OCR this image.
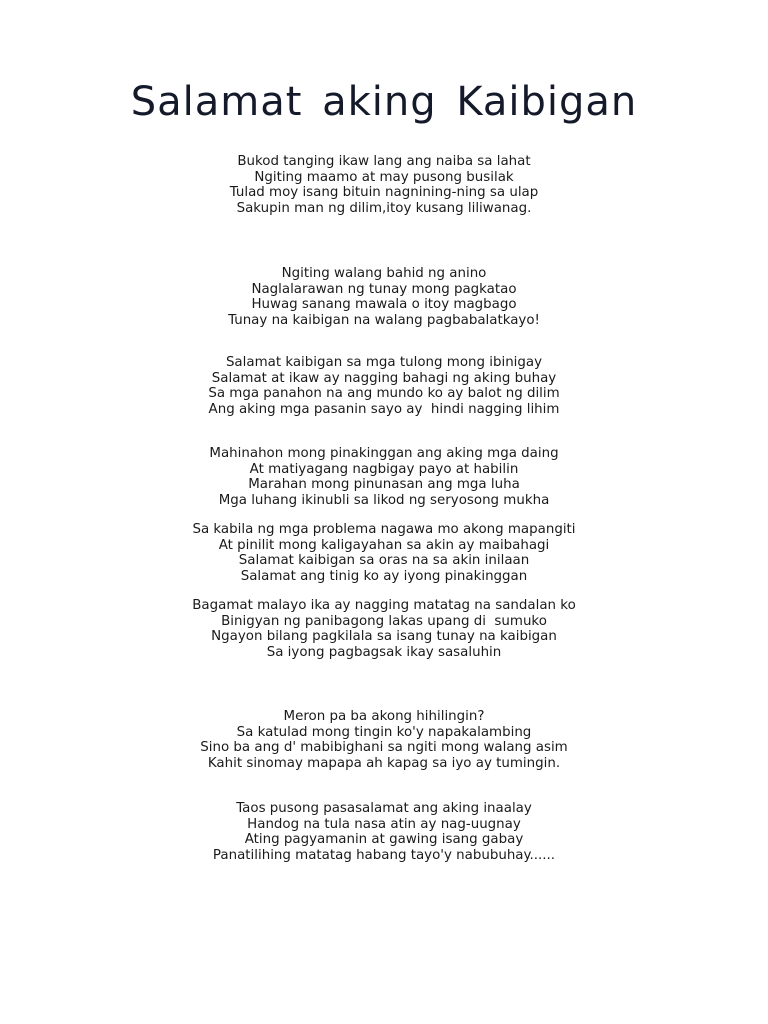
Salamat aking Kaibigan
Bukod tanging ikaw lang ang naiba sa lahat
Ngiting maamo at may pusong busilak
Tulad moy isang bituin nagnining-ning sa ulap
Sakupin man ng dilim,itoy kusang liliwanag.
Ngiting walang bahid ng anino
Naglalarawan ng tunay mong pagkatao
Huwag sanang mawala o itoy magbago
Tunay na kaibigan na walang pagbabalatkayo!
Salamat kaibigan sa mga tulong mong ibinigay
Salamat at ikaw ay nagging bahagi ng aking buhay
Sa mga panahon na ang mundo ko ay balot ng dilim
Ang aking mga pasanin sayo ay  hindi nagging lihim
Mahinahon mong pinakinggan ang aking mga daing
At matiyagang nagbigay payo at habilin
Marahan mong pinunasan ang mga luha
Mga luhang ikinubli sa likod ng seryosong mukha
Sa kabila ng mga problema nagawa mo akong mapangiti
At pinilit mong kaligayahan sa akin ay maibahagi
Salamat kaibigan sa oras na sa akin inilaan
Salamat ang tinig ko ay iyong pinakinggan
Bagamat malayo ika ay nagging matatag na sandalan ko
Binigyan ng panibagong lakas upang di  sumuko
Ngayon bilang pagkilala sa isang tunay na kaibigan
Sa iyong pagbagsak ikay sasaluhin
Meron pa ba akong hihilingin?
Sa katulad mong tingin ko'y napakalambing
Sino ba ang d' mabibighani sa ngiti mong walang asim
Kahit sinomay mapapa ah kapag sa iyo ay tumingin.
Taos pusong pasasalamat ang aking inaalay
Handog na tula nasa atin ay nag-uugnay
Ating pagyamanin at gawing isang gabay
Panatilihing matatag habang tayo'y nabubuhay......
